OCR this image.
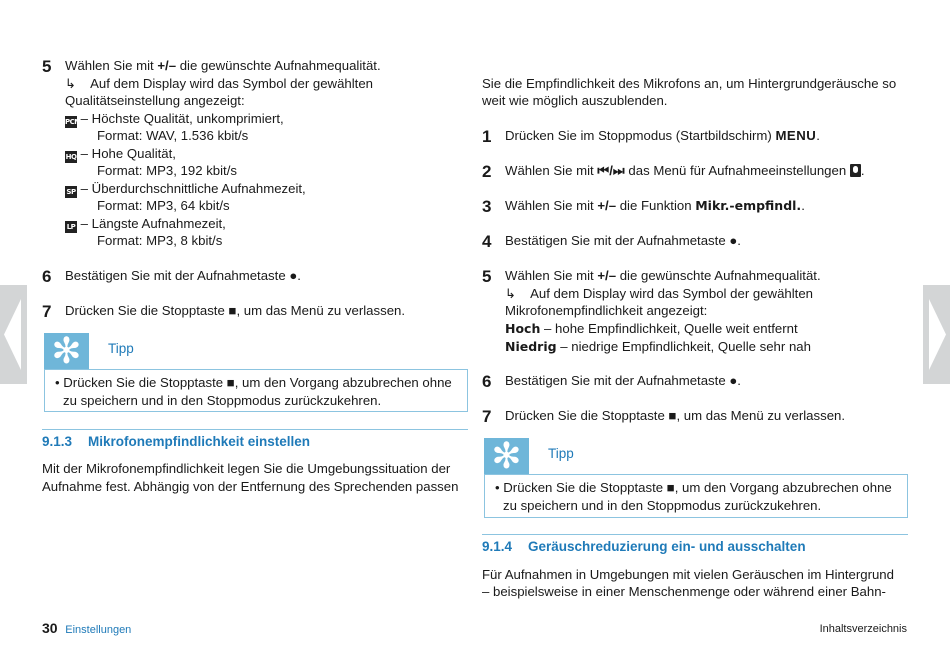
5 Wählen Sie mit +/– die gewünschte Aufnahmequalität.
↳ Auf dem Display wird das Symbol der gewählten
Qualitätseinstellung angezeigt:
PCM – Höchste Qualität, unkomprimiert,
Format: WAV, 1.536 kbit/s
HQ – Hohe Qualität,
Format: MP3, 192 kbit/s
SP – Überdurchschnittliche Aufnahmezeit,
Format: MP3, 64 kbit/s
LP – Längste Aufnahmezeit,
Format: MP3, 8 kbit/s
6 Bestätigen Sie mit der Aufnahmetaste ●.
7 Drücken Sie die Stopptaste ■, um das Menü zu verlassen.
✻	Tipp
• Drücken Sie die Stopptaste ■, um den Vorgang abzubrechen ohne
zu speichern und in den Stoppmodus zurückzukehren.
9.1.3 Mikrofonempfindlichkeit einstellen
Mit der Mikrofonempfindlichkeit legen Sie die Umgebungssituation der
Aufnahme fest. Abhängig von der Entfernung des Sprechenden passen
Sie die Empfindlichkeit des Mikrofons an, um Hintergrundgeräusche so
weit wie möglich auszublenden.
1 Drücken Sie im Stoppmodus (Startbildschirm) MENU.
2 Wählen Sie mit ⏮/⏭ das Menü für Aufnahmeeinstellungen .
3 Wählen Sie mit +/– die Funktion Mikr.-empfindl..
4 Bestätigen Sie mit der Aufnahmetaste ●.
5 Wählen Sie mit +/– die gewünschte Aufnahmequalität.
↳ Auf dem Display wird das Symbol der gewählten
Mikrofonempfindlichkeit angezeigt:
Hoch – hohe Empfindlichkeit, Quelle weit entfernt
Niedrig – niedrige Empfindlichkeit, Quelle sehr nah
6 Bestätigen Sie mit der Aufnahmetaste ●.
7 Drücken Sie die Stopptaste ■, um das Menü zu verlassen.
✻	Tipp
• Drücken Sie die Stopptaste ■, um den Vorgang abzubrechen ohne
zu speichern und in den Stoppmodus zurückzukehren.
9.1.4 Geräuschreduzierung ein- und ausschalten
Für Aufnahmen in Umgebungen mit vielen Geräuschen im Hintergrund
– beispielsweise in einer Menschenmenge oder während einer Bahn-
30 Einstellungen	Inhaltsverzeichnis
